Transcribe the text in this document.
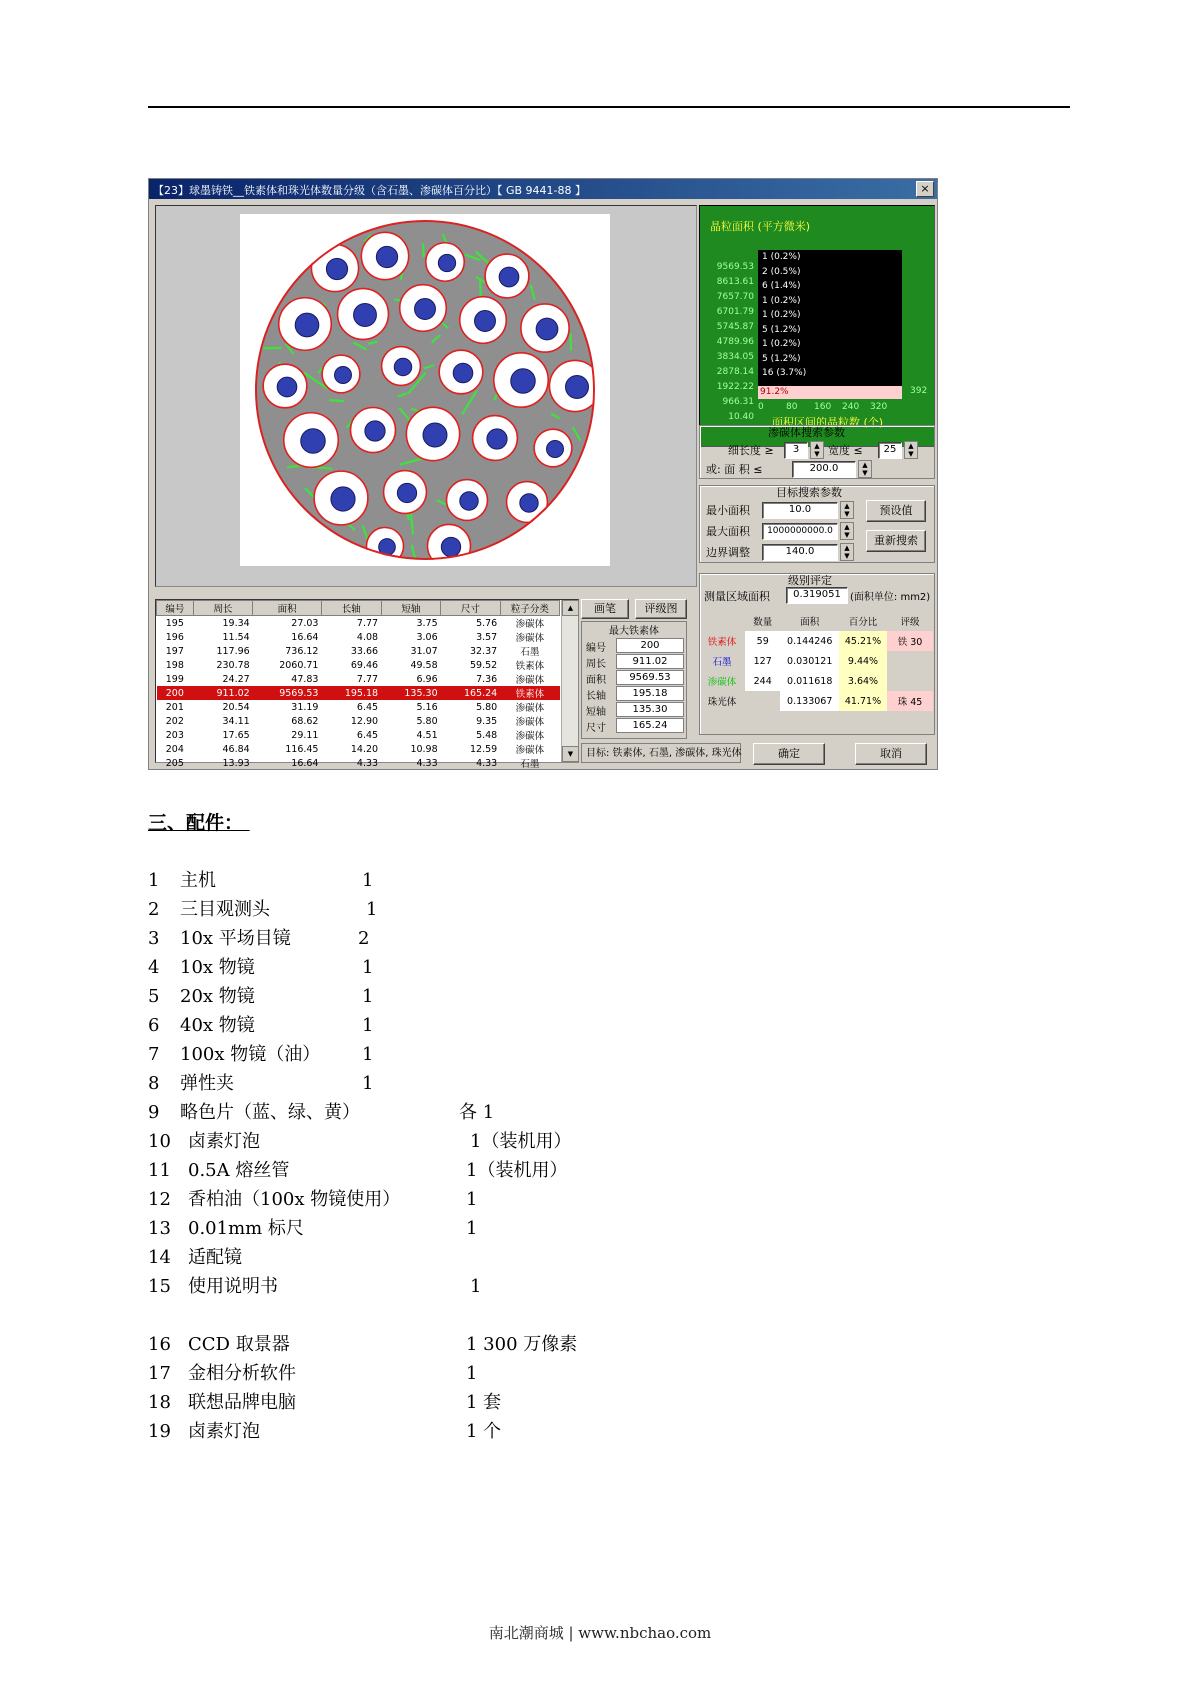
【23】球墨铸铁__铁素体和珠光体数量分级（含石墨、渗碳体百分比）【 GB 9441-88 】	×
晶粒面积 (平方微米)
9569.53
8613.61
7657.70
6701.79
5745.87
4789.96
3834.05
2878.14
1922.22
966.31
10.40
1 (0.2%)
2 (0.5%)
6 (1.4%)
1 (0.2%)
1 (0.2%)
5 (1.2%)
1 (0.2%)
5 (1.2%)
16 (3.7%)
91.2%	392
0 80 160 240 320
面积区间的晶粒数 (个)
渗碳体搜索参数
细长度 ≥	3	▲
▼ 宽度 ≤	25	▲
▼
或: 面 积 ≤	200.0	▲
▼
目标搜索参数
最小面积	10.0	▲
▼
最大面积	1000000000.0	▲
▼
边界调整	140.0	▲
▼
预设值
重新搜索
级别评定
测量区域面积	0.319051 (面积单位: mm2)
	数量	面积	百分比	评级
铁素体	59	0.144246	45.21%	铁 30
石墨	127	0.030121	9.44%	
渗碳体	244	0.011618	3.64%	
珠光体		0.133067	41.71%	珠 45
编号	周长	面积	长轴	短轴	尺寸	粒子分类
195	19.34	27.03	7.77	3.75	5.76	渗碳体
196	11.54	16.64	4.08	3.06	3.57	渗碳体
197	117.96	736.12	33.66	31.07	32.37	石墨
198	230.78	2060.71	69.46	49.58	59.52	铁素体
199	24.27	47.83	7.77	6.96	7.36	渗碳体
200	911.02	9569.53	195.18	135.30	165.24	铁素体
201	20.54	31.19	6.45	5.16	5.80	渗碳体
202	34.11	68.62	12.90	5.80	9.35	渗碳体
203	17.65	29.11	6.45	4.51	5.48	渗碳体
204	46.84	116.45	14.20	10.98	12.59	渗碳体
205	13.93	16.64	4.33	4.33	4.33	石墨
▲
▼
画笔	评级图
最大铁素体
编号	200
周长	911.02
面积	9569.53
长轴	195.18
短轴	135.30
尺寸	165.24
目标: 铁素体, 石墨, 渗碳体, 珠光体	确定	取消
三、配件：
1 主机	1
2 三目观测头	1
3 10x 平场目镜	2
4 10x 物镜	1
5 20x 物镜	1
6 40x 物镜	1
7 100x 物镜（油） 1
8 弹性夹	1
9 略色片（蓝、绿、黄）	各 1
10 卤素灯泡	1（装机用）
11 0.5A 熔丝管	1（装机用）
12 香柏油（100x 物镜使用）	1
13 0.01mm 标尺	1
14 适配镜
15 使用说明书	1
16 CCD 取景器	1 300 万像素
17 金相分析软件	1
18 联想品牌电脑	1 套
19 卤素灯泡	1 个
南北潮商城 | www.nbchao.com
